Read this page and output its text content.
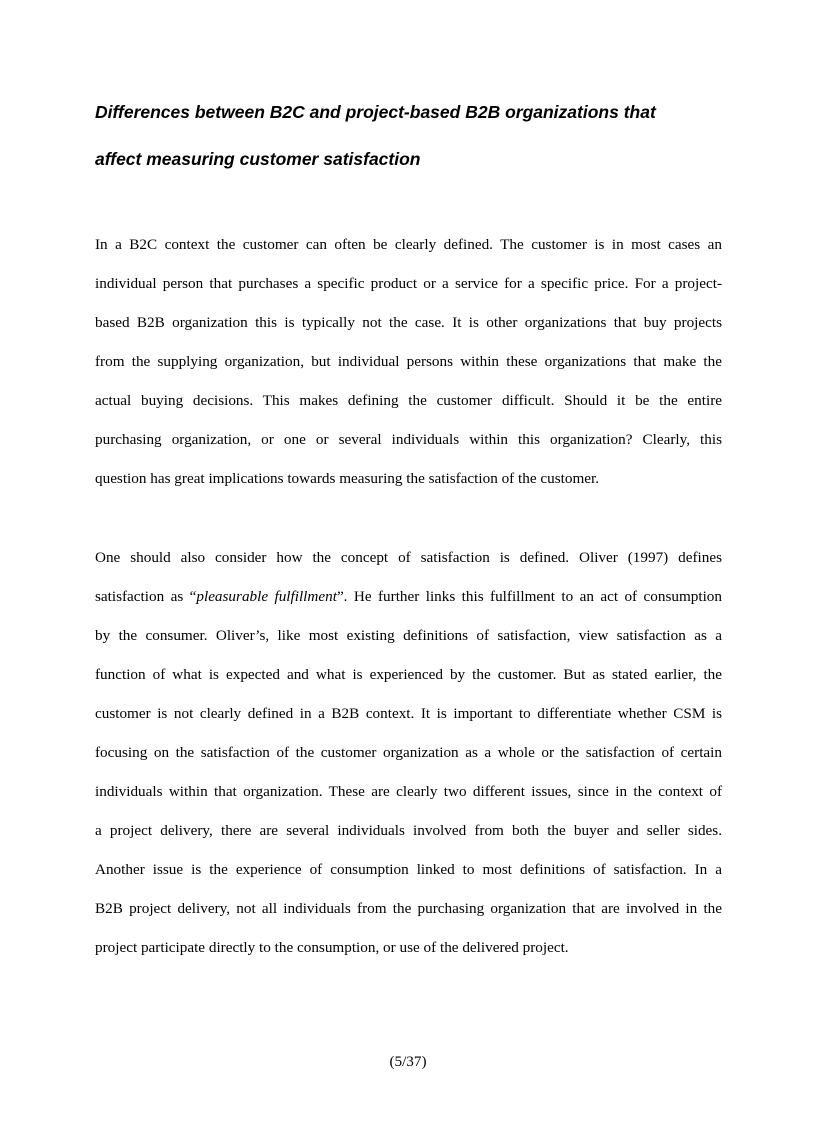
Differences between B2C and project-based B2B organizations that
affect measuring customer satisfaction

In a B2C context the customer can often be clearly defined. The customer is in most cases an
individual person that purchases a specific product or a service for a specific price. For a project-
based B2B organization this is typically not the case. It is other organizations that buy projects
from the supplying organization, but individual persons within these organizations that make the
actual buying decisions. This makes defining the customer difficult. Should it be the entire
purchasing organization, or one or several individuals within this organization? Clearly, this
question has great implications towards measuring the satisfaction of the customer.

One should also consider how the concept of satisfaction is defined. Oliver (1997) defines
satisfaction as “pleasurable fulfillment”. He further links this fulfillment to an act of consumption
by the consumer. Oliver’s, like most existing definitions of satisfaction, view satisfaction as a
function of what is expected and what is experienced by the customer. But as stated earlier, the
customer is not clearly defined in a B2B context. It is important to differentiate whether CSM is
focusing on the satisfaction of the customer organization as a whole or the satisfaction of certain
individuals within that organization. These are clearly two different issues, since in the context of
a project delivery, there are several individuals involved from both the buyer and seller sides.
Another issue is the experience of consumption linked to most definitions of satisfaction. In a
B2B project delivery, not all individuals from the purchasing organization that are involved in the
project participate directly to the consumption, or use of the delivered project.

(5/37)
